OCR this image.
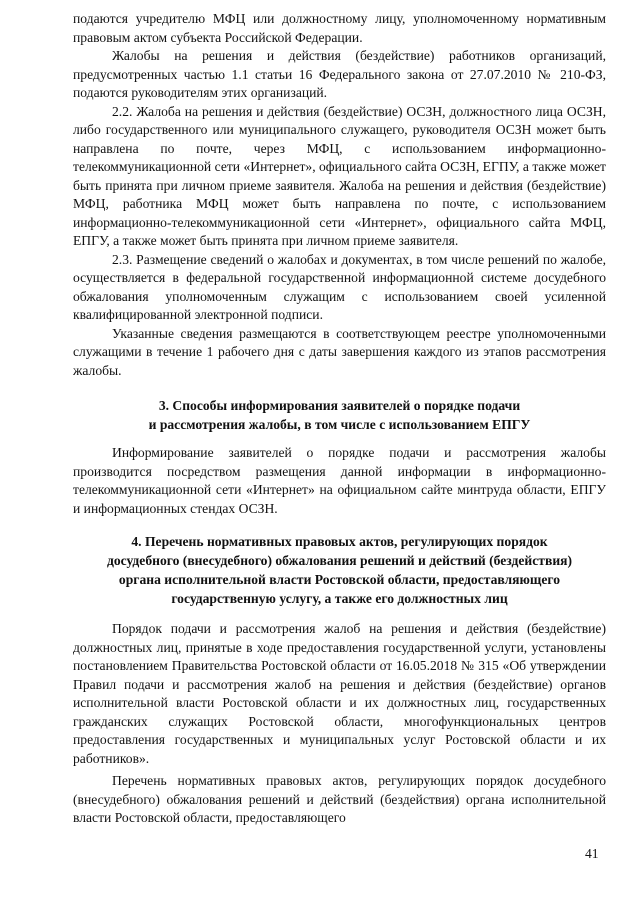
подаются учредителю МФЦ или должностному лицу, уполномоченному нормативным правовым актом субъекта Российской Федерации.

Жалобы на решения и действия (бездействие) работников организаций, предусмотренных частью 1.1 статьи 16 Федерального закона от 27.07.2010 № 210-ФЗ, подаются руководителям этих организаций.

2.2. Жалоба на решения и действия (бездействие) ОСЗН, должностного лица ОСЗН, либо государственного или муниципального служащего, руководителя ОСЗН может быть направлена по почте, через МФЦ, с использованием информационно-телекоммуникационной сети «Интернет», официального сайта ОСЗН, ЕГПУ, а также может быть принята при личном приеме заявителя. Жалоба на решения и действия (бездействие) МФЦ, работника МФЦ может быть направлена по почте, с использованием информационно-телекоммуникационной сети «Интернет», официального сайта МФЦ, ЕПГУ, а также может быть принята при личном приеме заявителя.

2.3. Размещение сведений о жалобах и документах, в том числе решений по жалобе, осуществляется в федеральной государственной информационной системе досудебного обжалования уполномоченным служащим с использованием своей усиленной квалифицированной электронной подписи.

Указанные сведения размещаются в соответствующем реестре уполномоченными служащими в течение 1 рабочего дня с даты завершения каждого из этапов рассмотрения жалобы.

3. Способы информирования заявителей о порядке подачи
и рассмотрения жалобы, в том числе с использованием ЕПГУ

Информирование заявителей о порядке подачи и рассмотрения жалобы производится посредством размещения данной информации в информационно-телекоммуникационной сети «Интернет» на официальном сайте минтруда области, ЕПГУ и информационных стендах ОСЗН.

4. Перечень нормативных правовых актов, регулирующих порядок
досудебного (внесудебного) обжалования решений и действий (бездействия)
органа исполнительной власти Ростовской области, предоставляющего
государственную услугу, а также его должностных лиц

Порядок подачи и рассмотрения жалоб на решения и действия (бездействие) должностных лиц, принятые в ходе предоставления государственной услуги, установлены постановлением Правительства Ростовской области от 16.05.2018 № 315 «Об утверждении Правил подачи и рассмотрения жалоб на решения и действия (бездействие) органов исполнительной власти Ростовской области и их должностных лиц, государственных гражданских служащих Ростовской области, многофункциональных центров предоставления государственных и муниципальных услуг Ростовской области и их работников».

Перечень нормативных правовых актов, регулирующих порядок досудебного (внесудебного) обжалования решений и действий (бездействия) органа исполнительной власти Ростовской области, предоставляющего

41
